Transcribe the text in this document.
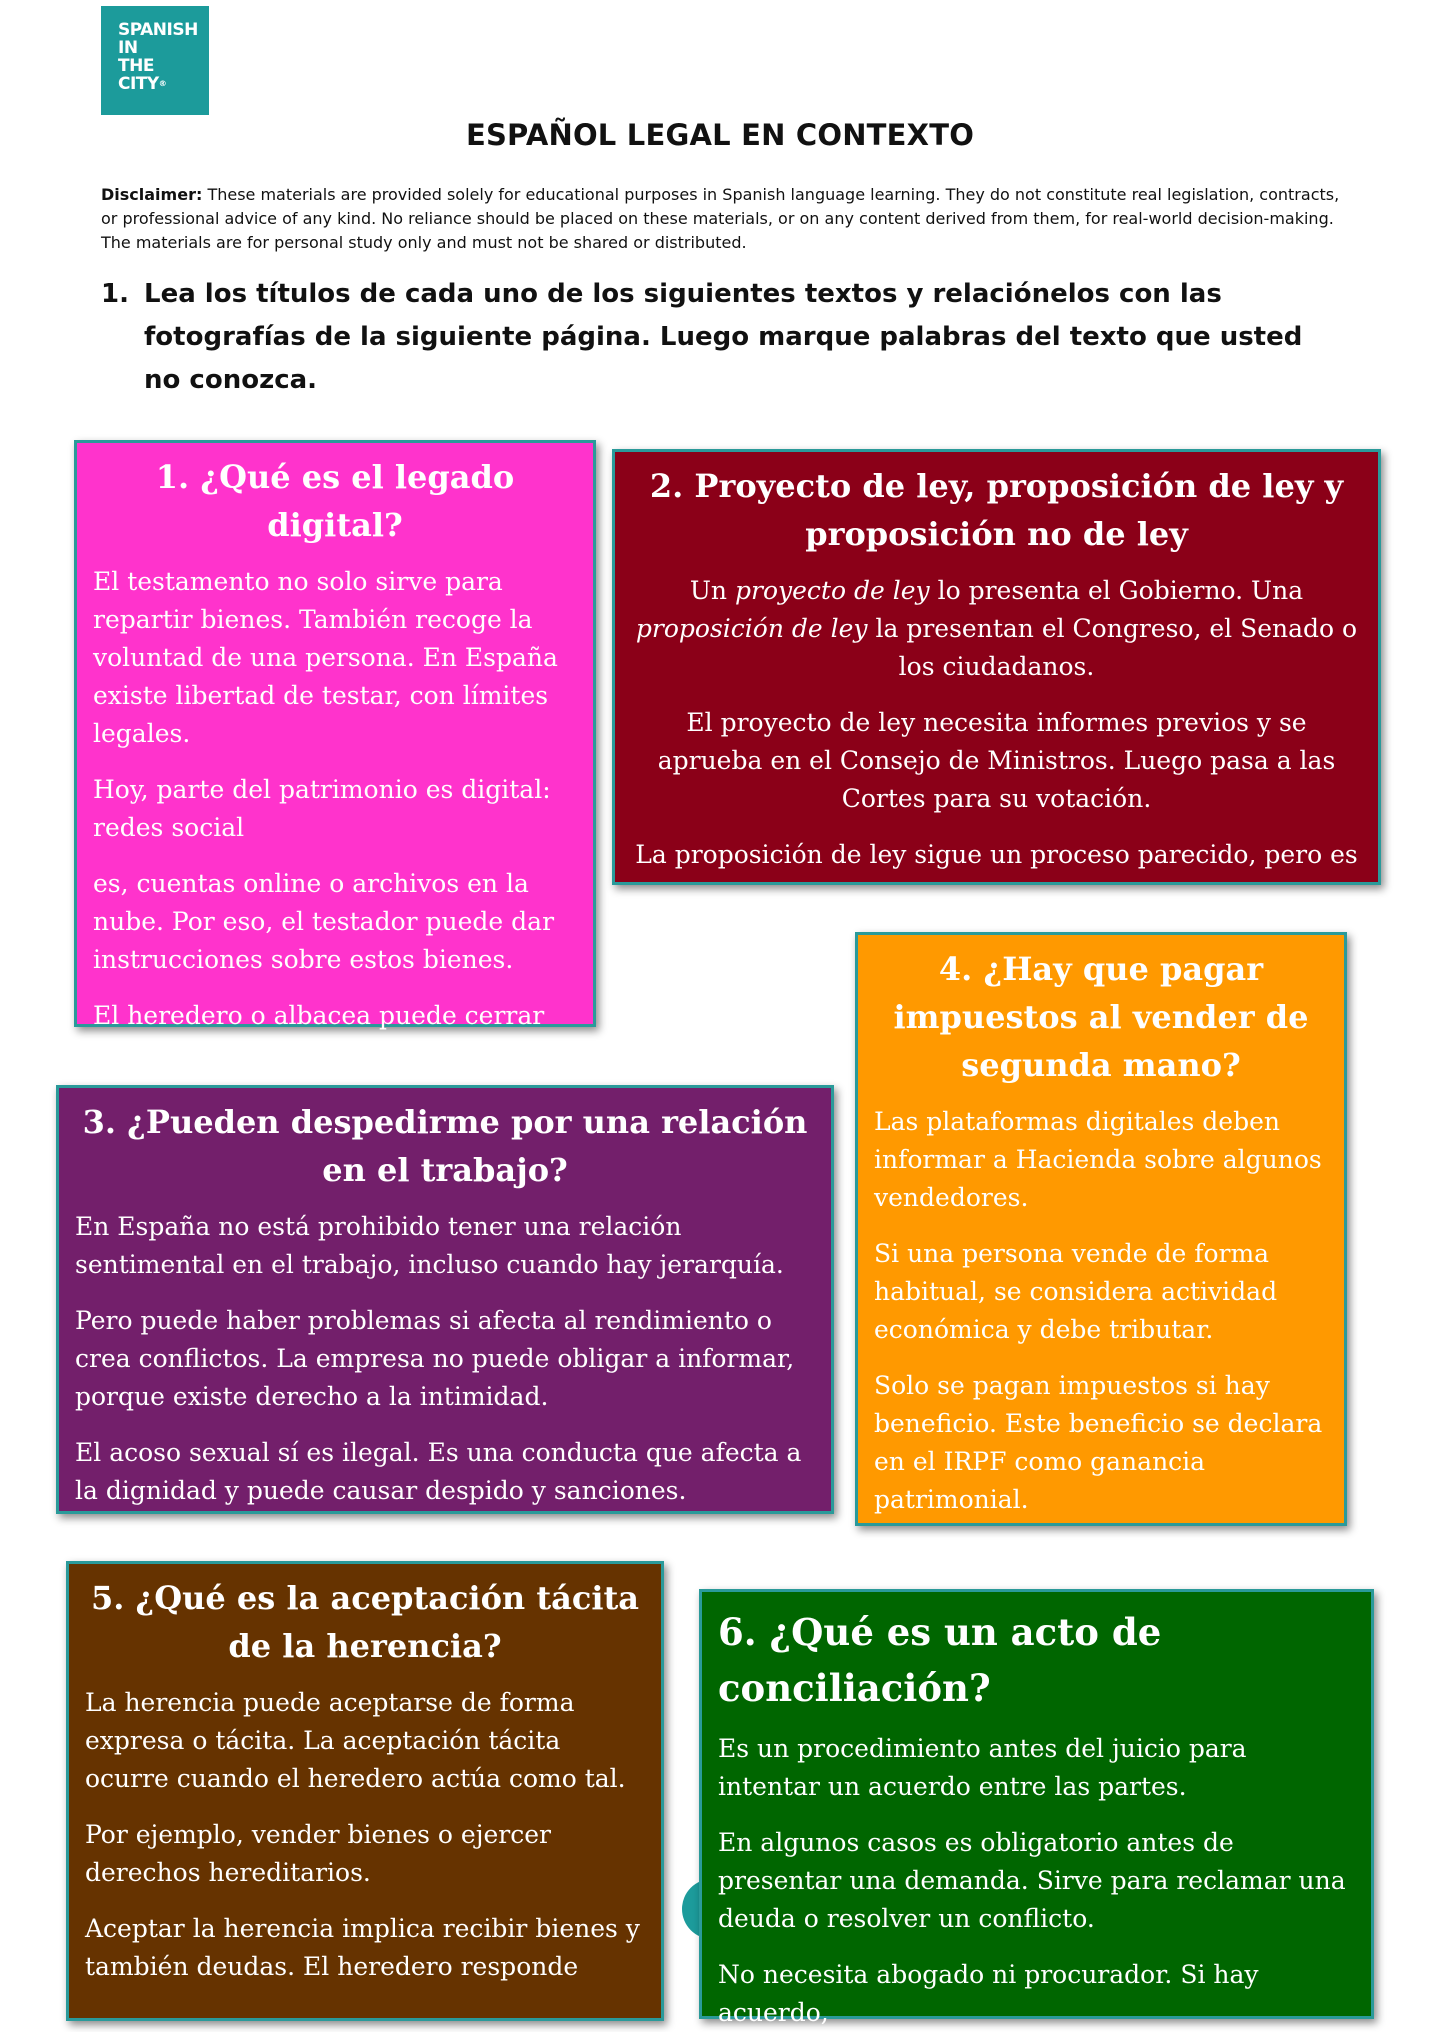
SPANISH
IN
THE
CITY®
ESPAÑOL LEGAL EN CONTEXTO
Disclaimer: These materials are provided solely for educational purposes in Spanish language learning. They do not constitute real legislation, contracts, or professional advice of any kind. No reliance should be placed on these materials, or on any content derived from them, for real-world decision-making. The materials are for personal study only and must not be shared or distributed.
1. Lea los títulos de cada uno de los siguientes textos y relaciónelos con las fotografías de la siguiente página. Luego marque palabras del texto que usted no conozca.
1. ¿Qué es el legado digital?

El testamento no solo sirve para repartir bienes. También recoge la voluntad de una persona. En España existe libertad de testar, con límites legales.

Hoy, parte del patrimonio es digital: redes social

es, cuentas online o archivos en la nube. Por eso, el testador puede dar instrucciones sobre estos bienes.

El heredero o albacea puede cerrar cuentas, acceder a datos o decidir su

2. Proyecto de ley, proposición de ley y proposición no de ley

Un proyecto de ley lo presenta el Gobierno. Una proposición de ley la presentan el Congreso, el Senado o los ciudadanos.

El proyecto de ley necesita informes previos y se aprueba en el Consejo de Ministros. Luego pasa a las Cortes para su votación.

La proposición de ley sigue un proceso parecido, pero es

4. ¿Hay que pagar impuestos al vender de segunda mano?

Las plataformas digitales deben informar a Hacienda sobre algunos vendedores.

Si una persona vende de forma habitual, se considera actividad económica y debe tributar.

Solo se pagan impuestos si hay beneficio. Este beneficio se declara en el IRPF como ganancia patrimonial.

3. ¿Pueden despedirme por una relación en el trabajo?

En España no está prohibido tener una relación sentimental en el trabajo, incluso cuando hay jerarquía.

Pero puede haber problemas si afecta al rendimiento o crea conflictos. La empresa no puede obligar a informar, porque existe derecho a la intimidad.

El acoso sexual sí es ilegal. Es una conducta que afecta a la dignidad y puede causar despido y sanciones.

5. ¿Qué es la aceptación tácita de la herencia?

La herencia puede aceptarse de forma expresa o tácita. La aceptación tácita ocurre cuando el heredero actúa como tal.

Por ejemplo, vender bienes o ejercer derechos hereditarios.

Aceptar la herencia implica recibir bienes y también deudas. El heredero responde

6. ¿Qué es un acto de conciliación?

Es un procedimiento antes del juicio para intentar un acuerdo entre las partes.

En algunos casos es obligatorio antes de presentar una demanda. Sirve para reclamar una deuda o resolver un conflicto.

No necesita abogado ni procurador. Si hay acuerdo,
